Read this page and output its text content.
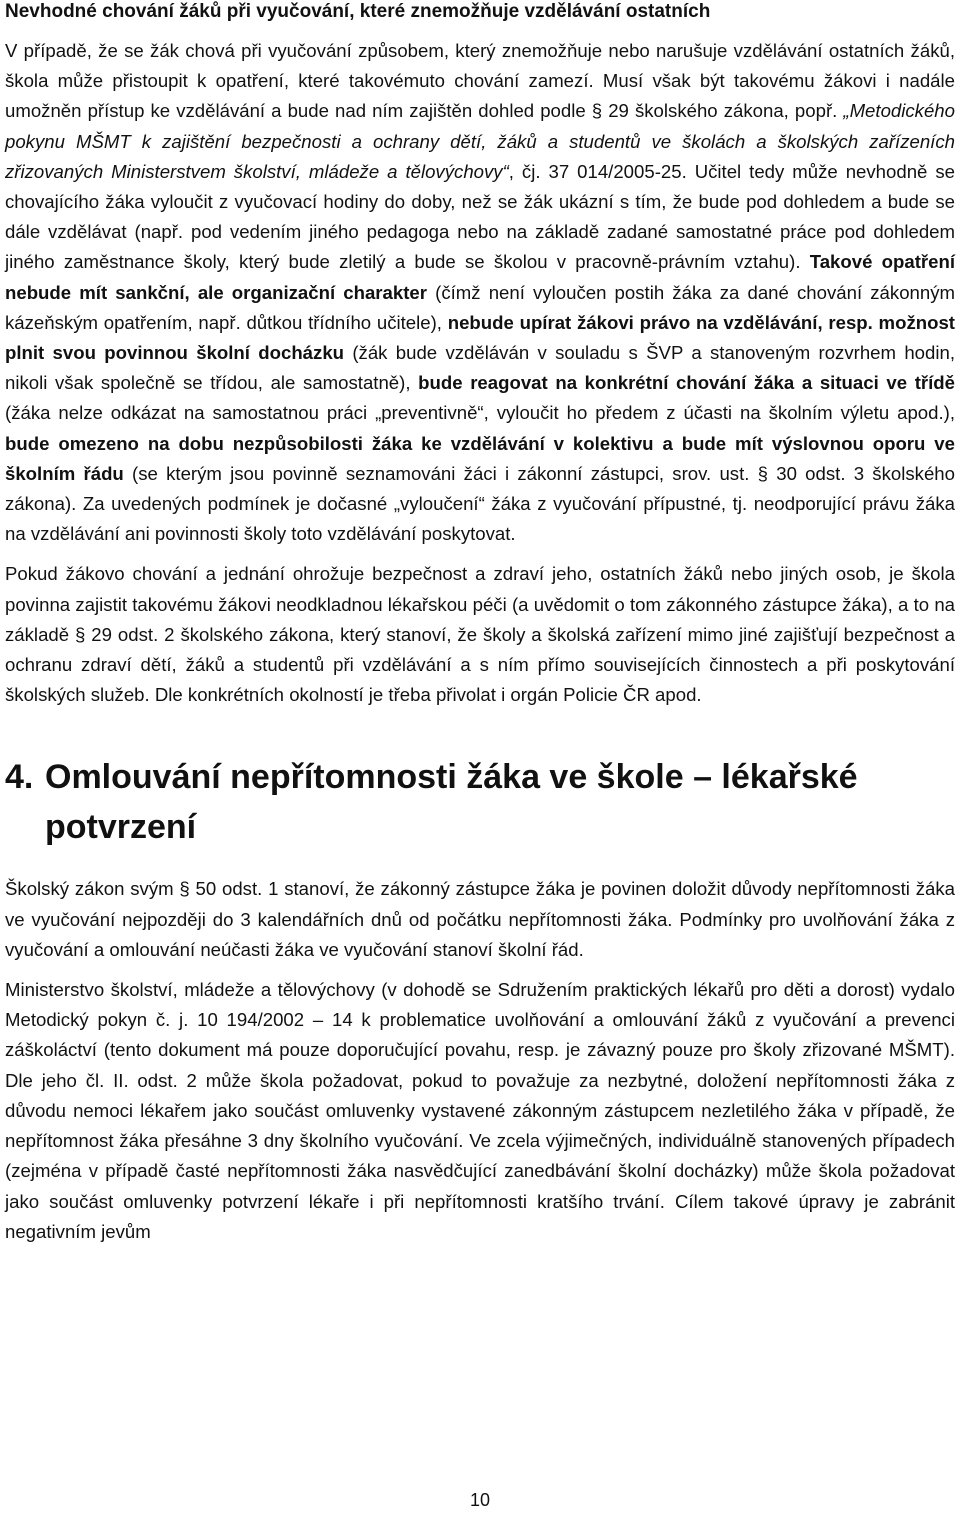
Nevhodné chování žáků při vyučování, které znemožňuje vzdělávání ostatních

V případě, že se žák chová při vyučování způsobem, který znemožňuje nebo narušuje vzdělávání ostatních žáků, škola může přistoupit k opatření, které takovémuto chování zamezí. Musí však být takovému žákovi i nadále umožněn přístup ke vzdělávání a bude nad ním zajištěn dohled podle § 29 školského zákona, popř. „Metodického pokynu MŠMT k zajištění bezpečnosti a ochrany dětí, žáků a studentů ve školách a školských zařízeních zřizovaných Ministerstvem školství, mládeže a tělovýchovy“, čj. 37 014/2005-25. Učitel tedy může nevhodně se chovajícího žáka vyloučit z vyučovací hodiny do doby, než se žák ukázní s tím, že bude pod dohledem a bude se dále vzdělávat (např. pod vedením jiného pedagoga nebo na základě zadané samostatné práce pod dohledem jiného zaměstnance školy, který bude zletilý a bude se školou v pracovně-právním vztahu). Takové opatření nebude mít sankční, ale organizační charakter (čímž není vyloučen postih žáka za dané chování zákonným kázeňským opatřením, např. důtkou třídního učitele), nebude upírat žákovi právo na vzdělávání, resp. možnost plnit svou povinnou školní docházku (žák bude vzděláván v souladu s ŠVP a stanoveným rozvrhem hodin, nikoli však společně se třídou, ale samostatně), bude reagovat na konkrétní chování žáka a situaci ve třídě (žáka nelze odkázat na samostatnou práci „preventivně“, vyloučit ho předem z účasti na školním výletu apod.), bude omezeno na dobu nezpůsobilosti žáka ke vzdělávání v kolektivu a bude mít výslovnou oporu ve školním řádu (se kterým jsou povinně seznamováni žáci i zákonní zástupci, srov. ust. § 30 odst. 3 školského zákona). Za uvedených podmínek je dočasné „vyloučení“ žáka z vyučování přípustné, tj. neodporující právu žáka na vzdělávání ani povinnosti školy toto vzdělávání poskytovat.

Pokud žákovo chování a jednání ohrožuje bezpečnost a zdraví jeho, ostatních žáků nebo jiných osob, je škola povinna zajistit takovému žákovi neodkladnou lékařskou péči (a uvědomit o tom zákonného zástupce žáka), a to na základě § 29 odst. 2 školského zákona, který stanoví, že školy a školská zařízení mimo jiné zajišťují bezpečnost a ochranu zdraví dětí, žáků a studentů při vzdělávání a s ním přímo souvisejících činnostech a při poskytování školských služeb. Dle konkrétních okolností je třeba přivolat i orgán Policie ČR apod.

4. Omlouvání nepřítomnosti žáka ve škole – lékařské potvrzení

Školský zákon svým § 50 odst. 1 stanoví, že zákonný zástupce žáka je povinen doložit důvody nepřítomnosti žáka ve vyučování nejpozději do 3 kalendářních dnů od počátku nepřítomnosti žáka. Podmínky pro uvolňování žáka z vyučování a omlouvání neúčasti žáka ve vyučování stanoví školní řád.

Ministerstvo školství, mládeže a tělovýchovy (v dohodě se Sdružením praktických lékařů pro děti a dorost) vydalo Metodický pokyn č. j. 10 194/2002 – 14 k problematice uvolňování a omlouvání žáků z vyučování a prevenci záškoláctví (tento dokument má pouze doporučující povahu, resp. je závazný pouze pro školy zřizované MŠMT). Dle jeho čl. II. odst. 2 může škola požadovat, pokud to považuje za nezbytné, doložení nepřítomnosti žáka z důvodu nemoci lékařem jako součást omluvenky vystavené zákonným zástupcem nezletilého žáka v případě, že nepřítomnost žáka přesáhne 3 dny školního vyučování. Ve zcela výjimečných, individuálně stanovených případech (zejména v případě časté nepřítomnosti žáka nasvědčující zanedbávání školní docházky) může škola požadovat jako součást omluvenky potvrzení lékaře i při nepřítomnosti kratšího trvání. Cílem takové úpravy je zabránit negativním jevům

10
